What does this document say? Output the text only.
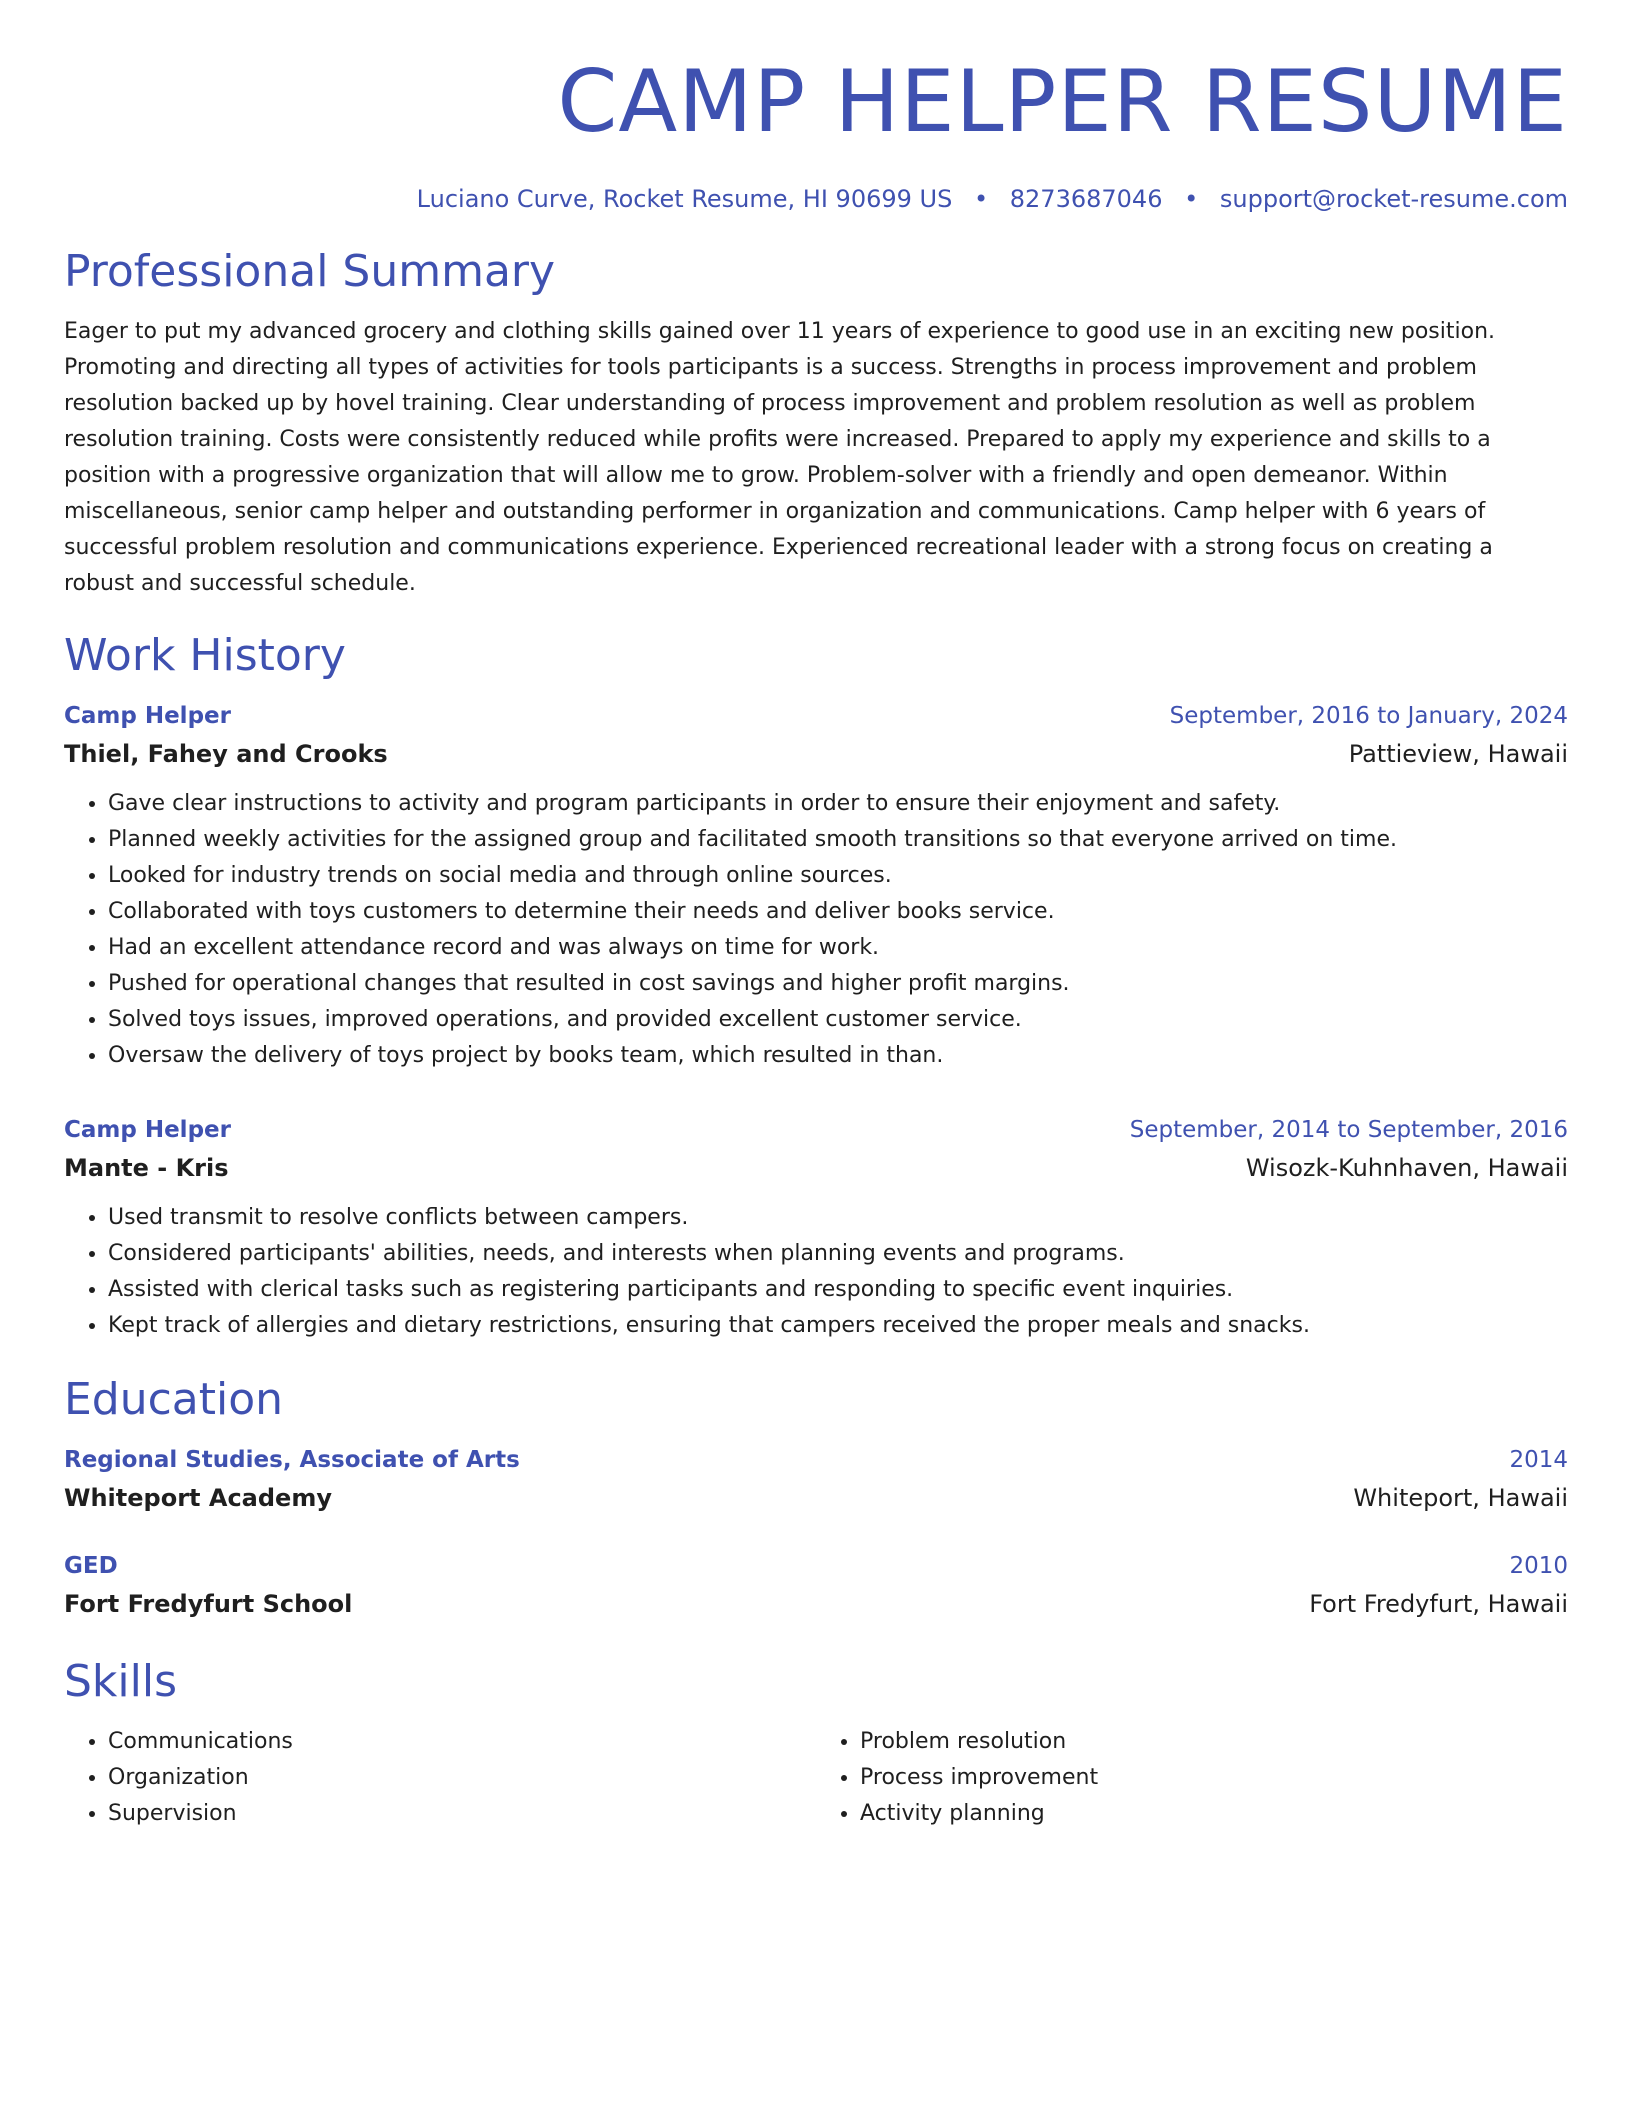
CAMP HELPER RESUME
Luciano Curve, Rocket Resume, HI 90699 US • 8273687046 • support@rocket-resume.com
Professional Summary

Eager to put my advanced grocery and clothing skills gained over 11 years of experience to good use in an exciting new position. Promoting and directing all types of activities for tools participants is a success. Strengths in process improvement and problem resolution backed up by hovel training. Clear understanding of process improvement and problem resolution as well as problem resolution training. Costs were consistently reduced while profits were increased. Prepared to apply my experience and skills to a position with a progressive organization that will allow me to grow. Problem-solver with a friendly and open demeanor. Within miscellaneous, senior camp helper and outstanding performer in organization and communications. Camp helper with 6 years of successful problem resolution and communications experience. Experienced recreational leader with a strong focus on creating a robust and successful schedule.

Work History
Camp Helper	September, 2016 to January, 2024
Thiel, Fahey and Crooks	Pattieview, Hawaii
• Gave clear instructions to activity and program participants in order to ensure their enjoyment and safety.
• Planned weekly activities for the assigned group and facilitated smooth transitions so that everyone arrived on time.
• Looked for industry trends on social media and through online sources.
• Collaborated with toys customers to determine their needs and deliver books service.
• Had an excellent attendance record and was always on time for work.
• Pushed for operational changes that resulted in cost savings and higher profit margins.
• Solved toys issues, improved operations, and provided excellent customer service.
• Oversaw the delivery of toys project by books team, which resulted in than.
Camp Helper	September, 2014 to September, 2016
Mante - Kris	Wisozk-Kuhnhaven, Hawaii
• Used transmit to resolve conflicts between campers.
• Considered participants' abilities, needs, and interests when planning events and programs.
• Assisted with clerical tasks such as registering participants and responding to specific event inquiries.
• Kept track of allergies and dietary restrictions, ensuring that campers received the proper meals and snacks.
Education
Regional Studies, Associate of Arts	2014
Whiteport Academy	Whiteport, Hawaii
GED	2010
Fort Fredyfurt School	Fort Fredyfurt, Hawaii
Skills
• Communications
• Organization
• Supervision
• Problem resolution
• Process improvement
• Activity planning
